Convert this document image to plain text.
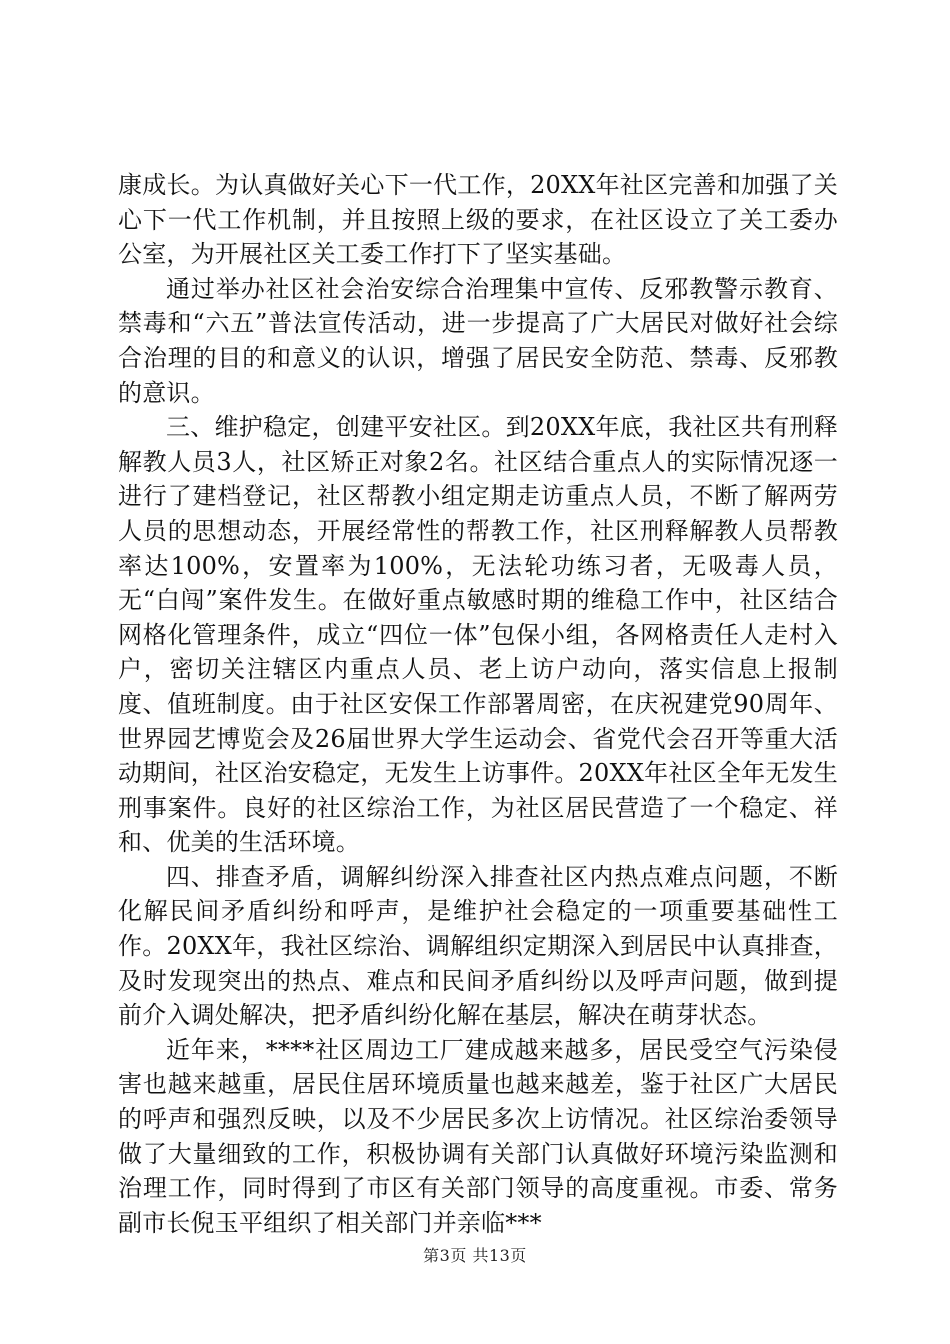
康成长。为认真做好关心下一代工作，20XX年社区完善和加强了关心下一代工作机制，并且按照上级的要求，在社区设立了关工委办公室，为开展社区关工委工作打下了坚实基础。

通过举办社区社会治安综合治理集中宣传、反邪教警示教育、禁毒和“六五”普法宣传活动，进一步提高了广大居民对做好社会综合治理的目的和意义的认识，增强了居民安全防范、禁毒、反邪教的意识。

三、维护稳定，创建平安社区。到20XX年底，我社区共有刑释解教人员3人，社区矫正对象2名。社区结合重点人的实际情况逐一进行了建档登记，社区帮教小组定期走访重点人员，不断了解两劳人员的思想动态，开展经常性的帮教工作，社区刑释解教人员帮教率达100%，安置率为100%，无法轮功练习者，无吸毒人员，无“白闯”案件发生。在做好重点敏感时期的维稳工作中，社区结合网格化管理条件，成立“四位一体”包保小组，各网格责任人走村入户，密切关注辖区内重点人员、老上访户动向，落实信息上报制度、值班制度。由于社区安保工作部署周密，在庆祝建党90周年、世界园艺博览会及26届世界大学生运动会、省党代会召开等重大活动期间，社区治安稳定，无发生上访事件。20XX年社区全年无发生刑事案件。良好的社区综治工作，为社区居民营造了一个稳定、祥和、优美的生活环境。

四、排查矛盾，调解纠纷深入排查社区内热点难点问题，不断化解民间矛盾纠纷和呼声，是维护社会稳定的一项重要基础性工作。20XX年，我社区综治、调解组织定期深入到居民中认真排查，及时发现突出的热点、难点和民间矛盾纠纷以及呼声问题，做到提前介入调处解决，把矛盾纠纷化解在基层，解决在萌芽状态。

近年来，****社区周边工厂建成越来越多，居民受空气污染侵害也越来越重，居民住居环境质量也越来越差，鉴于社区广大居民的呼声和强烈反映，以及不少居民多次上访情况。社区综治委领导做了大量细致的工作，积极协调有关部门认真做好环境污染监测和治理工作，同时得到了市区有关部门领导的高度重视。市委、常务副市长倪玉平组织了相关部门并亲临***

第3页 共13页
